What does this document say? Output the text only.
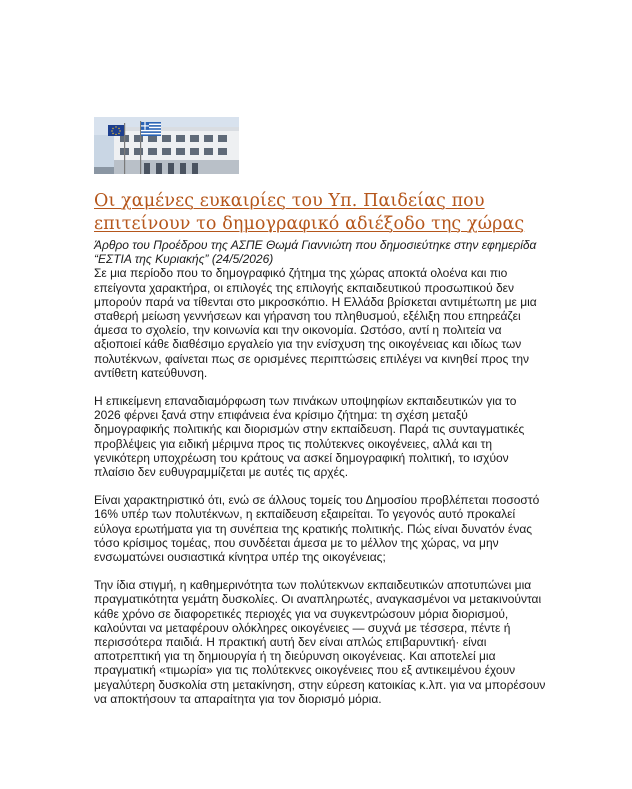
Οι χαμένες ευκαιρίες του Υπ. Παιδείας που επιτείνουν το δημογραφικό αδιέξοδο της χώρας

Άρθρο του Προέδρου της ΑΣΠΕ Θωμά Γιαννιώτη που δημοσιεύτηκε στην εφημερίδα “ΕΣΤΙΑ της Κυριακής” (24/5/2026)

Σε μια περίοδο που το δημογραφικό ζήτημα της χώρας αποκτά ολοένα και πιο επείγοντα χαρακτήρα, οι επιλογές της επιλογής εκπαιδευτικού προσωπικού δεν μπορούν παρά να τίθενται στο μικροσκόπιο. Η Ελλάδα βρίσκεται αντιμέτωπη με μια σταθερή μείωση γεννήσεων και γήρανση του πληθυσμού, εξέλιξη που επηρεάζει άμεσα το σχολείο, την κοινωνία και την οικονομία. Ωστόσο, αντί η πολιτεία να αξιοποιεί κάθε διαθέσιμο εργαλείο για την ενίσχυση της οικογένειας και ιδίως των πολυτέκνων, φαίνεται πως σε ορισμένες περιπτώσεις επιλέγει να κινηθεί προς την αντίθετη κατεύθυνση.

Η επικείμενη επαναδιαμόρφωση των πινάκων υποψηφίων εκπαιδευτικών για το 2026 φέρνει ξανά στην επιφάνεια ένα κρίσιμο ζήτημα: τη σχέση μεταξύ δημογραφικής πολιτικής και διορισμών στην εκπαίδευση. Παρά τις συνταγματικές προβλέψεις για ειδική μέριμνα προς τις πολύτεκνες οικογένειες, αλλά και τη γενικότερη υποχρέωση του κράτους να ασκεί δημογραφική πολιτική, το ισχύον πλαίσιο δεν ευθυγραμμίζεται με αυτές τις αρχές.

Είναι χαρακτηριστικό ότι, ενώ σε άλλους τομείς του Δημοσίου προβλέπεται ποσοστό 16% υπέρ των πολυτέκνων, η εκπαίδευση εξαιρείται. Το γεγονός αυτό προκαλεί εύλογα ερωτήματα για τη συνέπεια της κρατικής πολιτικής. Πώς είναι δυνατόν ένας τόσο κρίσιμος τομέας, που συνδέεται άμεσα με το μέλλον της χώρας, να μην ενσωματώνει ουσιαστικά κίνητρα υπέρ της οικογένειας;

Την ίδια στιγμή, η καθημερινότητα των πολύτεκνων εκπαιδευτικών αποτυπώνει μια πραγματικότητα γεμάτη δυσκολίες. Οι αναπληρωτές, αναγκασμένοι να μετακινούνται κάθε χρόνο σε διαφορετικές περιοχές για να συγκεντρώσουν μόρια διορισμού, καλούνται να μεταφέρουν ολόκληρες οικογένειες — συχνά με τέσσερα, πέντε ή περισσότερα παιδιά. Η πρακτική αυτή δεν είναι απλώς επιβαρυντική· είναι αποτρεπτική για τη δημιουργία ή τη διεύρυνση οικογένειας. Και αποτελεί μια πραγματική «τιμωρία» για τις πολύτεκνες οικογένειες που εξ αντικειμένου έχουν μεγαλύτερη δυσκολία στη μετακίνηση, στην εύρεση κατοικίας κ.λπ. για να μπορέσουν να αποκτήσουν τα απαραίτητα για τον διορισμό μόρια.
